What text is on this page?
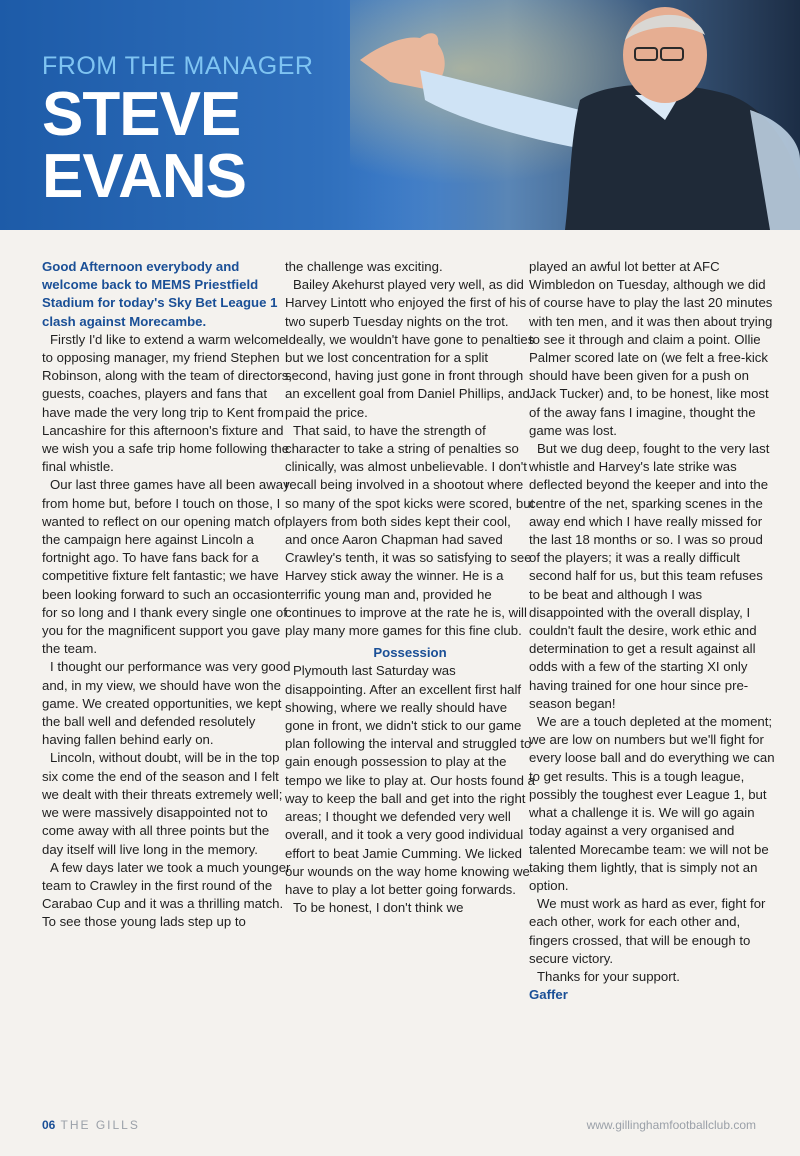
FROM THE MANAGER
STEVE
EVANS

Good Afternoon everybody and welcome back to MEMS Priestfield Stadium for today's Sky Bet League 1 clash against Morecambe.

Firstly I'd like to extend a warm welcome to opposing manager, my friend Stephen Robinson, along with the team of directors, guests, coaches, players and fans that have made the very long trip to Kent from Lancashire for this afternoon's fixture and we wish you a safe trip home following the final whistle.

Our last three games have all been away from home but, before I touch on those, I wanted to reflect on our opening match of the campaign here against Lincoln a fortnight ago. To have fans back for a competitive fixture felt fantastic; we have been looking forward to such an occasion for so long and I thank every single one of you for the magnificent support you gave the team.

I thought our performance was very good and, in my view, we should have won the game. We created opportunities, we kept the ball well and defended resolutely having fallen behind early on.

Lincoln, without doubt, will be in the top six come the end of the season and I felt we dealt with their threats extremely well; we were massively disappointed not to come away with all three points but the day itself will live long in the memory.

A few days later we took a much younger team to Crawley in the first round of the Carabao Cup and it was a thrilling match. To see those young lads step up to

the challenge was exciting.

Bailey Akehurst played very well, as did Harvey Lintott who enjoyed the first of his two superb Tuesday nights on the trot. Ideally, we wouldn't have gone to penalties but we lost concentration for a split second, having just gone in front through an excellent goal from Daniel Phillips, and paid the price.

That said, to have the strength of character to take a string of penalties so clinically, was almost unbelievable. I don't recall being involved in a shootout where so many of the spot kicks were scored, but players from both sides kept their cool, and once Aaron Chapman had saved Crawley's tenth, it was so satisfying to see Harvey stick away the winner. He is a terrific young man and, provided he continues to improve at the rate he is, will play many more games for this fine club.

Possession

Plymouth last Saturday was disappointing. After an excellent first half showing, where we really should have gone in front, we didn't stick to our game plan following the interval and struggled to gain enough possession to play at the tempo we like to play at. Our hosts found a way to keep the ball and get into the right areas; I thought we defended very well overall, and it took a very good individual effort to beat Jamie Cumming. We licked our wounds on the way home knowing we have to play a lot better going forwards.

To be honest, I don't think we

played an awful lot better at AFC Wimbledon on Tuesday, although we did of course have to play the last 20 minutes with ten men, and it was then about trying to see it through and claim a point. Ollie Palmer scored late on (we felt a free-kick should have been given for a push on Jack Tucker) and, to be honest, like most of the away fans I imagine, thought the game was lost.

But we dug deep, fought to the very last whistle and Harvey's late strike was deflected beyond the keeper and into the centre of the net, sparking scenes in the away end which I have really missed for the last 18 months or so. I was so proud of the players; it was a really difficult second half for us, but this team refuses to be beat and although I was disappointed with the overall display, I couldn't fault the desire, work ethic and determination to get a result against all odds with a few of the starting XI only having trained for one hour since pre-season began!

We are a touch depleted at the moment; we are low on numbers but we'll fight for every loose ball and do everything we can to get results. This is a tough league, possibly the toughest ever League 1, but what a challenge it is. We will go again today against a very organised and talented Morecambe team: we will not be taking them lightly, that is simply not an option.

We must work as hard as ever, fight for each other, work for each other and, fingers crossed, that will be enough to secure victory.

Thanks for your support.

Gaffer

06 THE GILLS	www.gillinghamfootballclub.com
